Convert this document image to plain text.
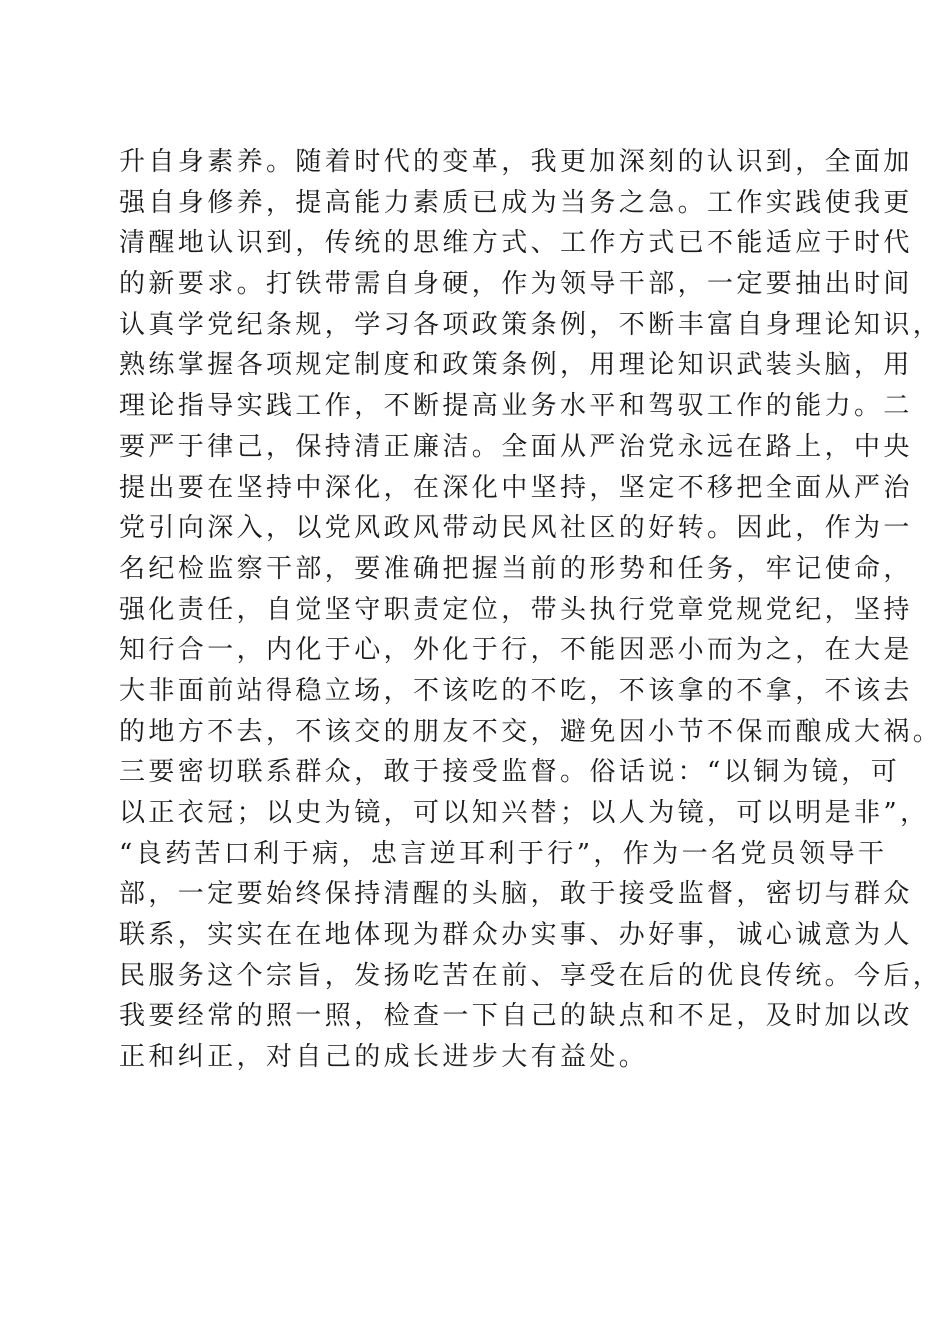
升自身素养。随着时代的变革，我更加深刻的认识到，全面加
强自身修养，提高能力素质已成为当务之急。工作实践使我更
清醒地认识到，传统的思维方式、工作方式已不能适应于时代
的新要求。打铁带需自身硬，作为领导干部，一定要抽出时间
认真学党纪条规，学习各项政策条例，不断丰富自身理论知识，
熟练掌握各项规定制度和政策条例，用理论知识武装头脑，用
理论指导实践工作，不断提高业务水平和驾驭工作的能力。二
要严于律己，保持清正廉洁。全面从严治党永远在路上，中央
提出要在坚持中深化，在深化中坚持，坚定不移把全面从严治
党引向深入，以党风政风带动民风社区的好转。因此，作为一
名纪检监察干部，要准确把握当前的形势和任务，牢记使命，
强化责任，自觉坚守职责定位，带头执行党章党规党纪，坚持
知行合一，内化于心，外化于行，不能因恶小而为之，在大是
大非面前站得稳立场，不该吃的不吃，不该拿的不拿，不该去
的地方不去，不该交的朋友不交，避免因小节不保而酿成大祸。
三要密切联系群众，敢于接受监督。俗话说：“以铜为镜，可
以正衣冠；以史为镜，可以知兴替；以人为镜，可以明是非”，
“良药苦口利于病，忠言逆耳利于行”，作为一名党员领导干
部，一定要始终保持清醒的头脑，敢于接受监督，密切与群众
联系，实实在在地体现为群众办实事、办好事，诚心诚意为人
民服务这个宗旨，发扬吃苦在前、享受在后的优良传统。今后，
我要经常的照一照，检查一下自己的缺点和不足，及时加以改
正和纠正，对自己的成长进步大有益处。
